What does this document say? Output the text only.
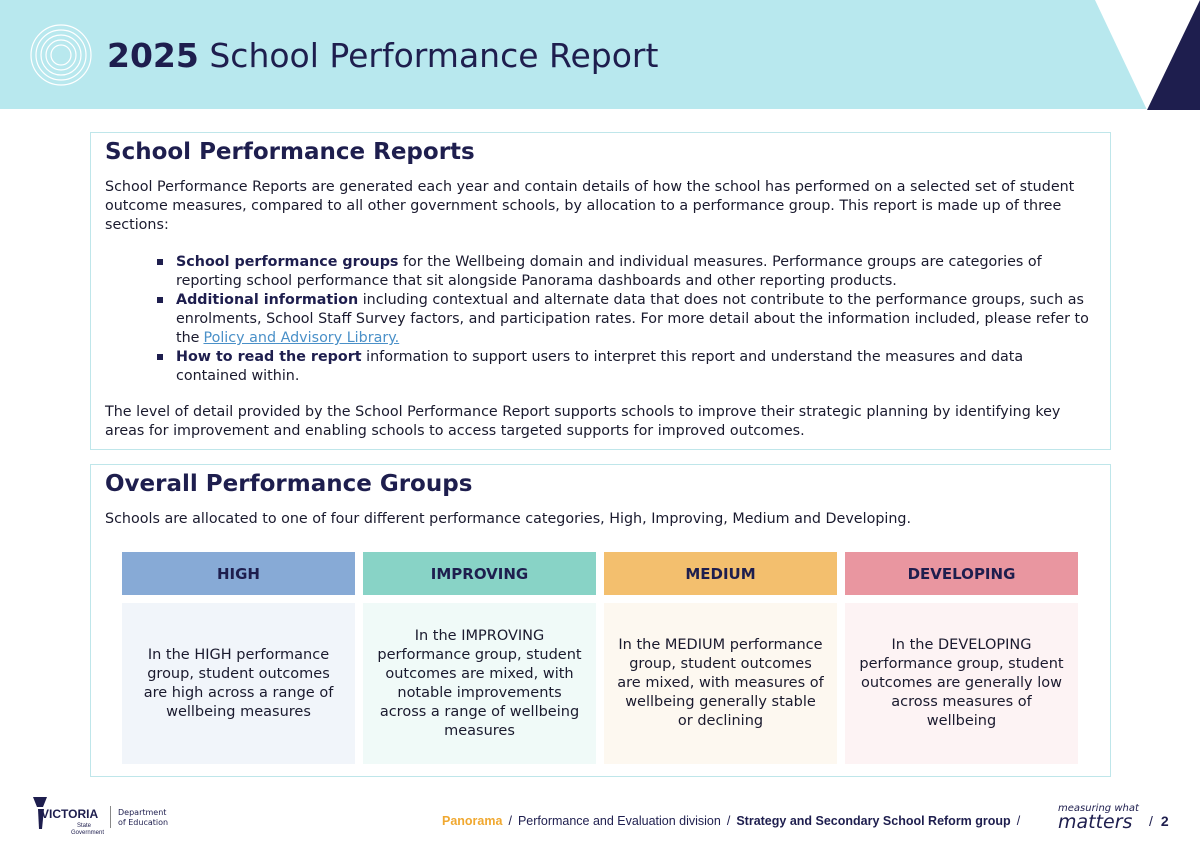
2025 School Performance Report
School Performance Reports

School Performance Reports are generated each year and contain details of how the school has performed on a selected set of student outcome measures, compared to all other government schools, by allocation to a performance group. This report is made up of three sections:

School performance groups for the Wellbeing domain and individual measures. Performance groups are categories of reporting school performance that sit alongside Panorama dashboards and other reporting products.
Additional information including contextual and alternate data that does not contribute to the performance groups, such as enrolments, School Staff Survey factors, and participation rates. For more detail about the information included, please refer to the Policy and Advisory Library.
How to read the report information to support users to interpret this report and understand the measures and data contained within.

The level of detail provided by the School Performance Report supports schools to improve their strategic planning by identifying key areas for improvement and enabling schools to access targeted supports for improved outcomes.

Overall Performance Groups

Schools are allocated to one of four different performance categories, High, Improving, Medium and Developing.

HIGH	IMPROVING	MEDIUM	DEVELOPING
In the HIGH performance group, student outcomes are high across a range of wellbeing measures
In the IMPROVING performance group, student outcomes are mixed, with notable improvements across a range of wellbeing measures
In the MEDIUM performance group, student outcomes are mixed, with measures of wellbeing generally stable or declining
In the DEVELOPING performance group, student outcomes are generally low across measures of wellbeing
VICTORIA
State
Government
Department
of Education	Panorama / Performance and Evaluation division / Strategy and Secondary School Reform group /
measuring what
matters	/ 2
